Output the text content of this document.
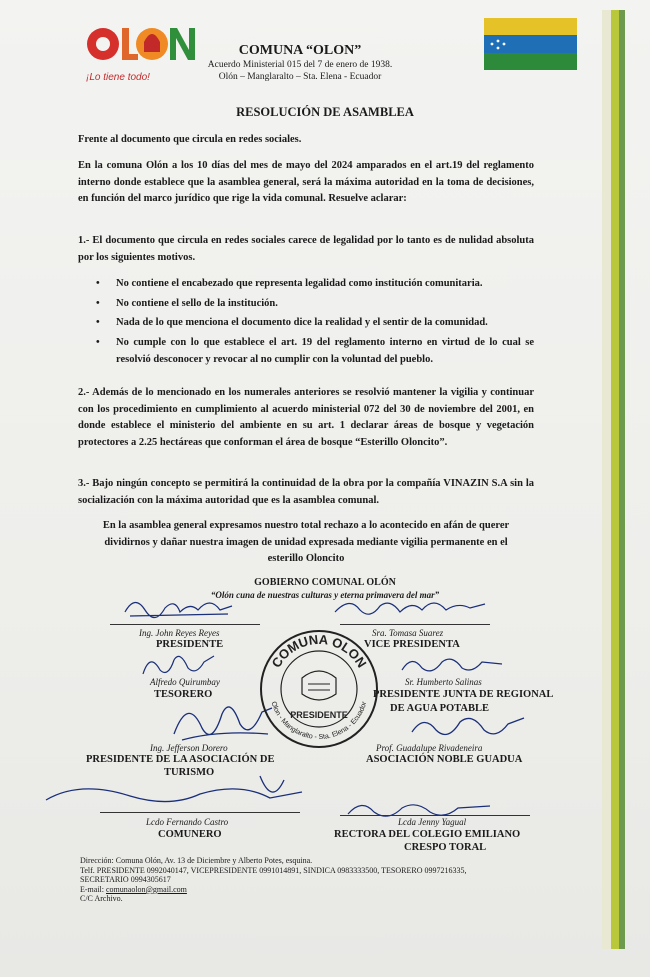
¡Lo tiene todo!
COMUNA “OLON”
Acuerdo Ministerial 015 del 7 de enero de 1938.
Olón – Manglaralto – Sta. Elena - Ecuador
RESOLUCIÓN DE ASAMBLEA

Frente al documento que circula en redes sociales.

En la comuna Olón a los 10 días del mes de mayo del 2024 amparados en el art.19 del reglamento interno donde establece que la asamblea general, será la máxima autoridad en la toma de decisiones, en función del marco jurídico que rige la vida comunal. Resuelve aclarar:

1.- El documento que circula en redes sociales carece de legalidad por lo tanto es de nulidad absoluta por los siguientes motivos.

• No contiene el encabezado que representa legalidad como institución comunitaria.
• No contiene el sello de la institución.
• Nada de lo que menciona el documento dice la realidad y el sentir de la comunidad.
• No cumple con lo que establece el art. 19 del reglamento interno en virtud de lo cual se resolvió desconocer y revocar al no cumplir con la voluntad del pueblo.

2.- Además de lo mencionado en los numerales anteriores se resolvió mantener la vigilia y continuar con los procedimiento en cumplimiento al acuerdo ministerial 072 del 30 de noviembre del 2001, en donde establece el ministerio del ambiente en su art. 1 declarar áreas de bosque y vegetación protectores a 2.25 hectáreas que conforman el área de bosque “Esterillo Oloncito”.

3.- Bajo ningún concepto se permitirá la continuidad de la obra por la compañía VINAZIN S.A sin la socialización con la máxima autoridad que es la asamblea comunal.

En la asamblea general expresamos nuestro total rechazo a lo acontecido en afán de querer dividirnos y dañar nuestra imagen de unidad expresada mediante vigilia permanente en el esterillo Oloncito

GOBIERNO COMUNAL OLÓN
“Olón cuna de nuestras culturas y eterna primavera del mar”
Ing. John Reyes Reyes
PRESIDENTE
Sra. Tomasa Suarez
VICE PRESIDENTA
Alfredo Quirumbay
TESORERO
Sr. Humberto Salinas
PRESIDENTE JUNTA DE REGIONAL
DE AGUA POTABLE
Ing. Jefferson Dorero
PRESIDENTE DE LA ASOCIACIÓN DE
TURISMO
Prof. Guadalupe Rivadeneira
ASOCIACIÓN NOBLE GUADUA
Lcdo Fernando Castro
COMUNERO
Lcda Jenny Yagual
RECTORA DEL COLEGIO EMILIANO
CRESPO TORAL
COMUNA OLON
Olon - Manglaralto - Sta. Elena - Ecuador
PRESIDENTE
Dirección: Comuna Olón, Av. 13 de Diciembre y Alberto Potes, esquina.
Telf. PRESIDENTE 0992040147, VICEPRESIDENTE 0991014891, SINDICA 0983333500, TESORERO 0997216335,
SECRETARIO 0994305617
E-mail: comunaolon@gmail.com
C/C Archivo.
